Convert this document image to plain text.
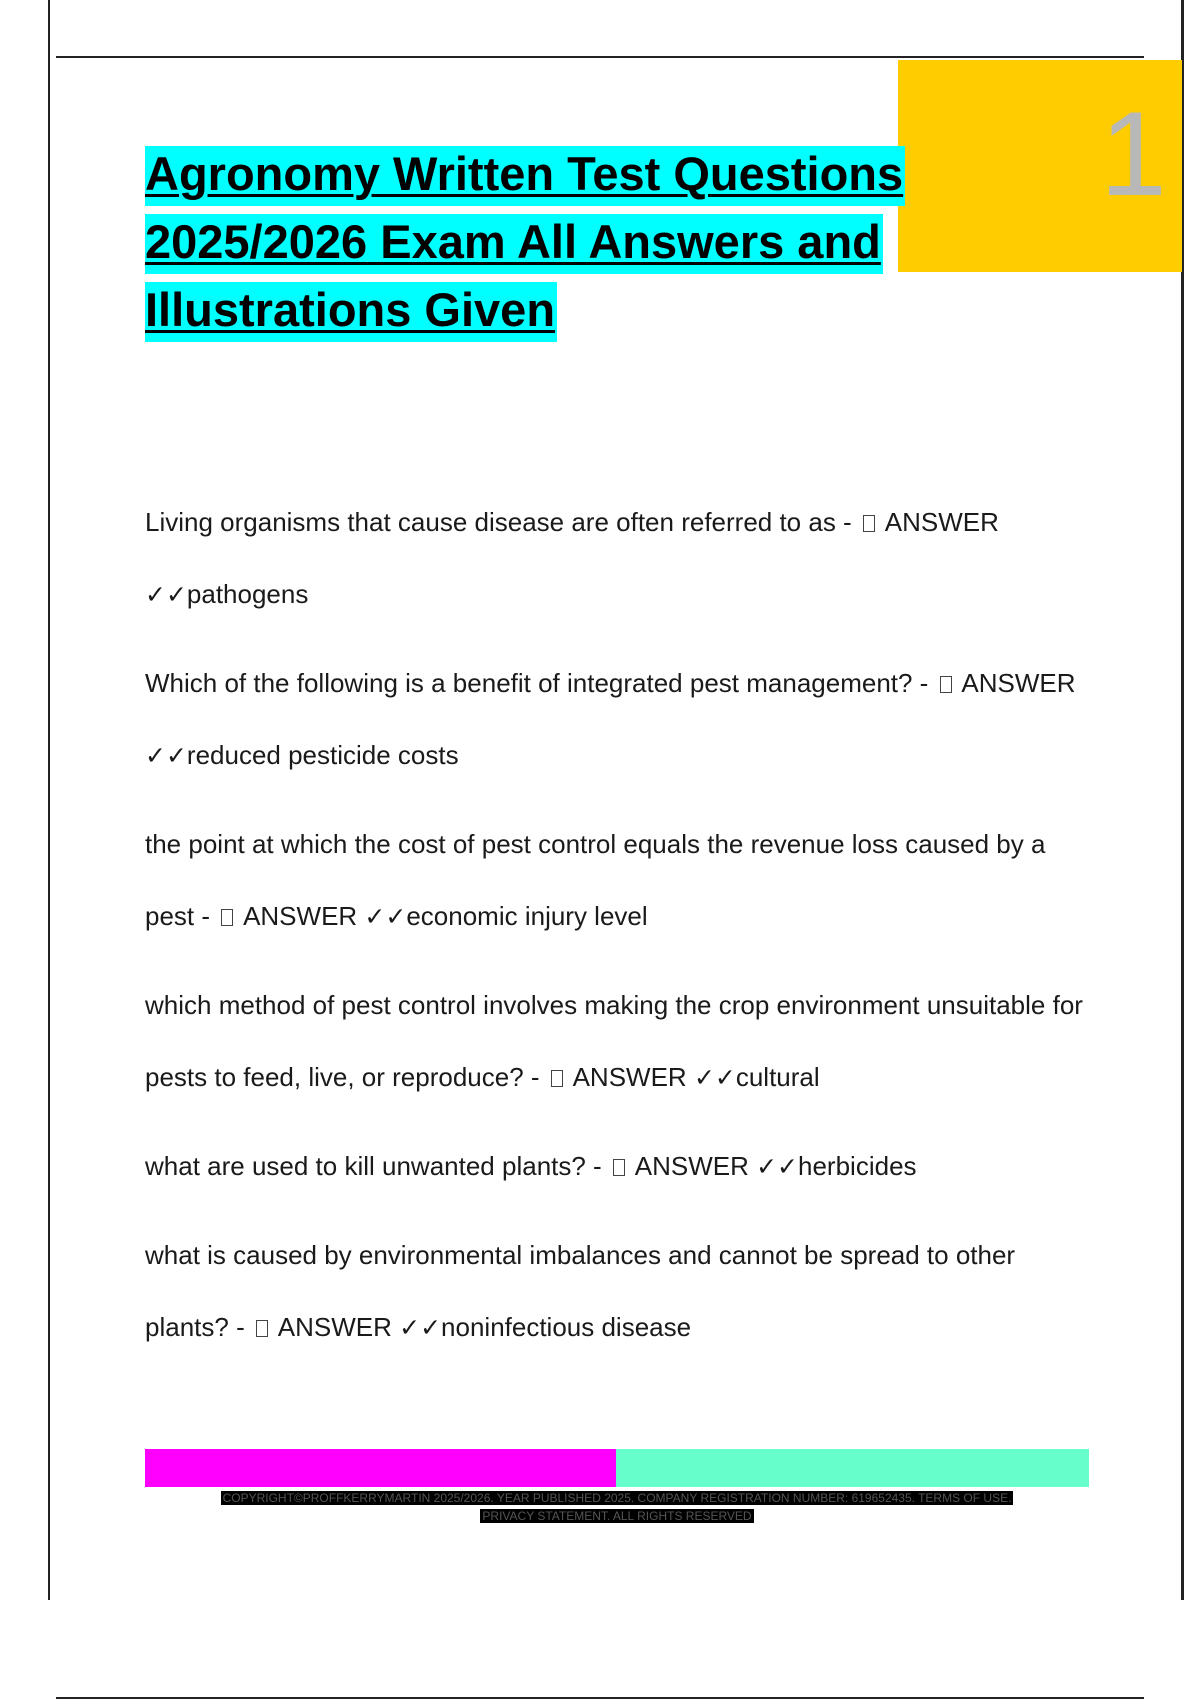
1
Agronomy Written Test Questions
2025/2026 Exam All Answers and
Illustrations Given
Living organisms that cause disease are often referred to as - ANSWER ✓✓pathogens
Which of the following is a benefit of integrated pest management? - ANSWER ✓✓reduced pesticide costs
the point at which the cost of pest control equals the revenue loss caused by a pest - ANSWER ✓✓economic injury level
which method of pest control involves making the crop environment unsuitable for pests to feed, live, or reproduce? - ANSWER ✓✓cultural
what are used to kill unwanted plants? - ANSWER ✓✓herbicides
what is caused by environmental imbalances and cannot be spread to other plants? - ANSWER ✓✓noninfectious disease
COPYRIGHT©PROFFKERRYMARTIN 2025/2026. YEAR PUBLISHED 2025. COMPANY REGISTRATION NUMBER: 619652435. TERMS OF USE.
PRIVACY STATEMENT. ALL RIGHTS RESERVED
